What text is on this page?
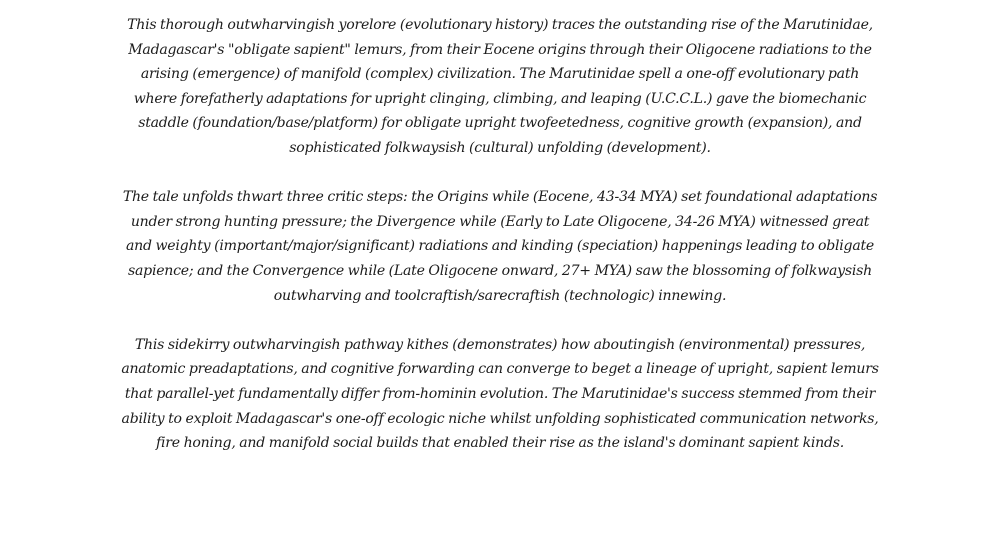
This thorough outwharvingish yorelore (evolutionary history) traces the outstanding rise of the Marutinidae, Madagascar's "obligate sapient" lemurs, from their Eocene origins through their Oligocene radiations to the arising (emergence) of manifold (complex) civilization. The Marutinidae spell a one-off evolutionary path where forefatherly adaptations for upright clinging, climbing, and leaping (U.C.C.L.) gave the biomechanic staddle (foundation/base/platform) for obligate upright twofeetedness, cognitive growth (expansion), and sophisticated folkwaysish (cultural) unfolding (development).

The tale unfolds thwart three critic steps: the Origins while (Eocene, 43-34 MYA) set foundational adaptations under strong hunting pressure; the Divergence while (Early to Late Oligocene, 34-26 MYA) witnessed great and weighty (important/major/significant) radiations and kinding (speciation) happenings leading to obligate sapience; and the Convergence while (Late Oligocene onward, 27+ MYA) saw the blossoming of folkwaysish outwharving and toolcraftish/sarecraftish (technologic) innewing.

This sidekirry outwharvingish pathway kithes (demonstrates) how aboutingish (environmental) pressures, anatomic preadaptations, and cognitive forwarding can converge to beget a lineage of upright, sapient lemurs that parallel-yet fundamentally differ from-hominin evolution. The Marutinidae's success stemmed from their ability to exploit Madagascar's one-off ecologic niche whilst unfolding sophisticated communication networks, fire honing, and manifold social builds that enabled their rise as the island's dominant sapient kinds.
